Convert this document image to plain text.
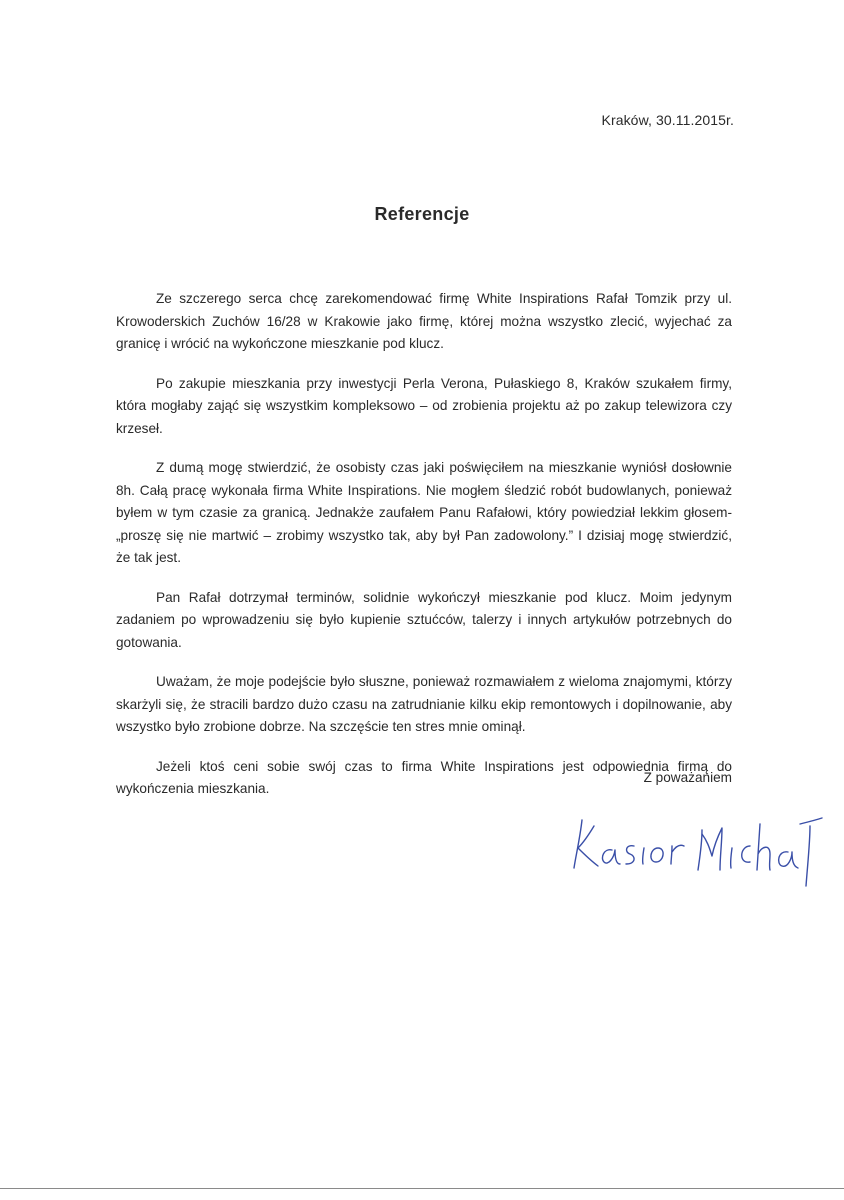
Kraków, 30.11.2015r.
Referencje

Ze szczerego serca chcę zarekomendować firmę White Inspirations Rafał Tomzik przy ul. Krowoderskich Zuchów 16/28 w Krakowie jako firmę, której można wszystko zlecić, wyjechać za granicę i wrócić na wykończone mieszkanie pod klucz.

Po zakupie mieszkania przy inwestycji Perla Verona, Pułaskiego 8, Kraków szukałem firmy, która mogłaby zająć się wszystkim kompleksowo – od zrobienia projektu aż po zakup telewizora czy krzeseł.

Z dumą mogę stwierdzić, że osobisty czas jaki poświęciłem na mieszkanie wyniósł dosłownie 8h. Całą pracę wykonała firma White Inspirations. Nie mogłem śledzić robót budowlanych, ponieważ byłem w tym czasie za granicą. Jednakże zaufałem Panu Rafałowi, który powiedział lekkim głosem- „proszę się nie martwić – zrobimy wszystko tak, aby był Pan zadowolony.” I dzisiaj mogę stwierdzić, że tak jest.

Pan Rafał dotrzymał terminów, solidnie wykończył mieszkanie pod klucz. Moim jedynym zadaniem po wprowadzeniu się było kupienie sztućców, talerzy i innych artykułów potrzebnych do gotowania.

Uważam, że moje podejście było słuszne, ponieważ rozmawiałem z wieloma znajomymi, którzy skarżyli się, że stracili bardzo dużo czasu na zatrudnianie kilku ekip remontowych i dopilnowanie, aby wszystko było zrobione dobrze. Na szczęście ten stres mnie ominął.

Jeżeli ktoś ceni sobie swój czas to firma White Inspirations jest odpowiednia firmą do wykończenia mieszkania.

Z poważaniem
